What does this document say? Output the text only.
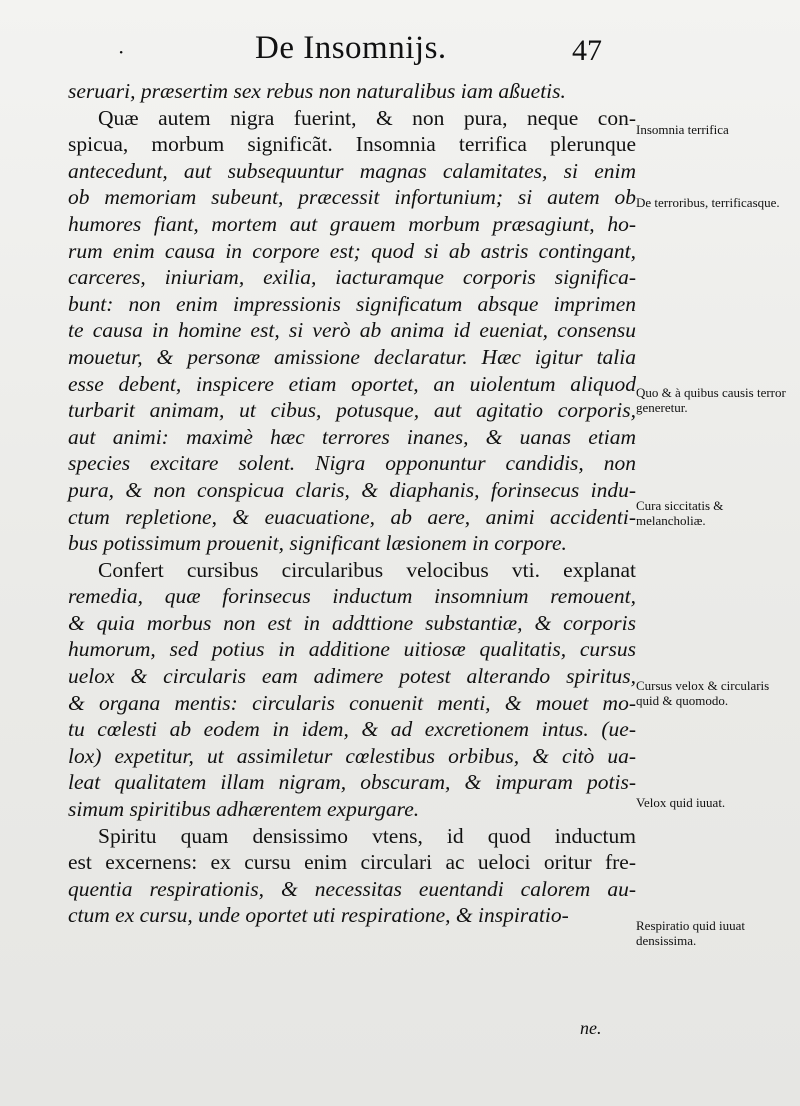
·	De Insomnijs.	47
seruari, præsertim sex rebus non naturalibus iam aßuetis.
Quæ autem nigra fuerint, & non pura, neque con-
spicua, morbum significãt. Insomnia terrifica plerunque
antecedunt, aut subsequuntur magnas calamitates, si enim
ob memoriam subeunt, præcessit infortunium; si autem ob
humores fiant, mortem aut grauem morbum præsagiunt, ho-
rum enim causa in corpore est; quod si ab astris contingant,
carceres, iniuriam, exilia, iacturamque corporis significa-
bunt: non enim impressionis significatum absque imprimen
te causa in homine est, si verò ab anima id eueniat, consensu
mouetur, & personæ amissione declaratur. Hæc igitur talia
esse debent, inspicere etiam oportet, an uiolentum aliquod
turbarit animam, ut cibus, potusque, aut agitatio corporis,
aut animi: maximè hæc terrores inanes, & uanas etiam
species excitare solent. Nigra opponuntur candidis, non
pura, & non conspicua claris, & diaphanis, forinsecus indu-
ctum repletione, & euacuatione, ab aere, animi accidenti-
bus potissimum prouenit, significant læsionem in corpore.
Confert cursibus circularibus velocibus vti. explanat
remedia, quæ forinsecus inductum insomnium remouent,
& quia morbus non est in addttione substantiæ, & corporis
humorum, sed potius in additione uitiosæ qualitatis, cursus
uelox & circularis eam adimere potest alterando spiritus,
& organa mentis: circularis conuenit menti, & mouet mo-
tu cœlesti ab eodem in idem, & ad excretionem intus. (ue-
lox) expetitur, ut assimiletur cœlestibus orbibus, & citò ua-
leat qualitatem illam nigram, obscuram, & impuram potis-
simum spiritibus adhærentem expurgare.
Spiritu quam densissimo vtens, id quod inductum
est excernens: ex cursu enim circulari ac ueloci oritur fre-
quentia respirationis, & necessitas euentandi calorem au-
ctum ex cursu, unde oportet uti respiratione, & inspiratio-
Insomnia terrifica
De terroribus, terrificasque.
Quo & à quibus causis terror generetur.
Cura siccitatis & melancholiæ.
Cursus velox & circularis quid & quomodo.
Velox quid iuuat.
Respiratio quid iuuat densissima.
ne.
